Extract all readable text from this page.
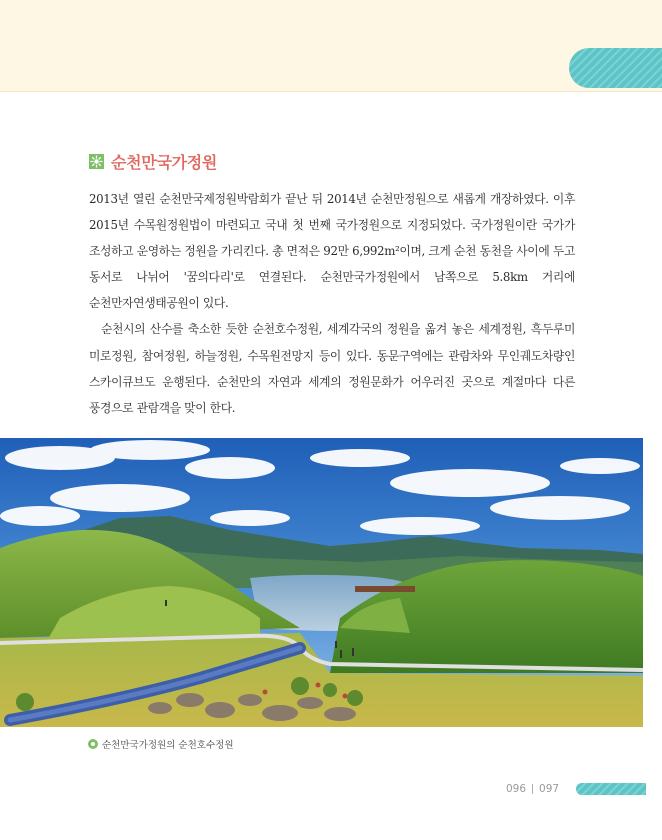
순천만국가정원

2013년 열린 순천만국제정원박람회가 끝난 뒤 2014년 순천만정원으로 새롭게 개장하였다. 이후 2015년 수목원정원법이 마련되고 국내 첫 번째 국가정원으로 지정되었다. 국가정원이란 국가가 조성하고 운영하는 정원을 가리킨다. 총 면적은 92만 6,992m²이며, 크게 순천 동천을 사이에 두고 동서로 나뉘어 '꿈의다리'로 연결된다. 순천만국가정원에서 남쪽으로 5.8km 거리에 순천만자연생태공원이 있다.

순천시의 산수를 축소한 듯한 순천호수정원, 세계각국의 정원을 옮겨 놓은 세계정원, 흑두루미 미로정원, 참여정원, 하늘정원, 수목원전망지 등이 있다. 동문구역에는 관람차와 무인궤도차량인 스카이큐브도 운행된다. 순천만의 자연과 세계의 정원문화가 어우러진 곳으로 계절마다 다른 풍경으로 관람객을 맞이 한다.

순천만국가정원의 순천호수정원
096 097
